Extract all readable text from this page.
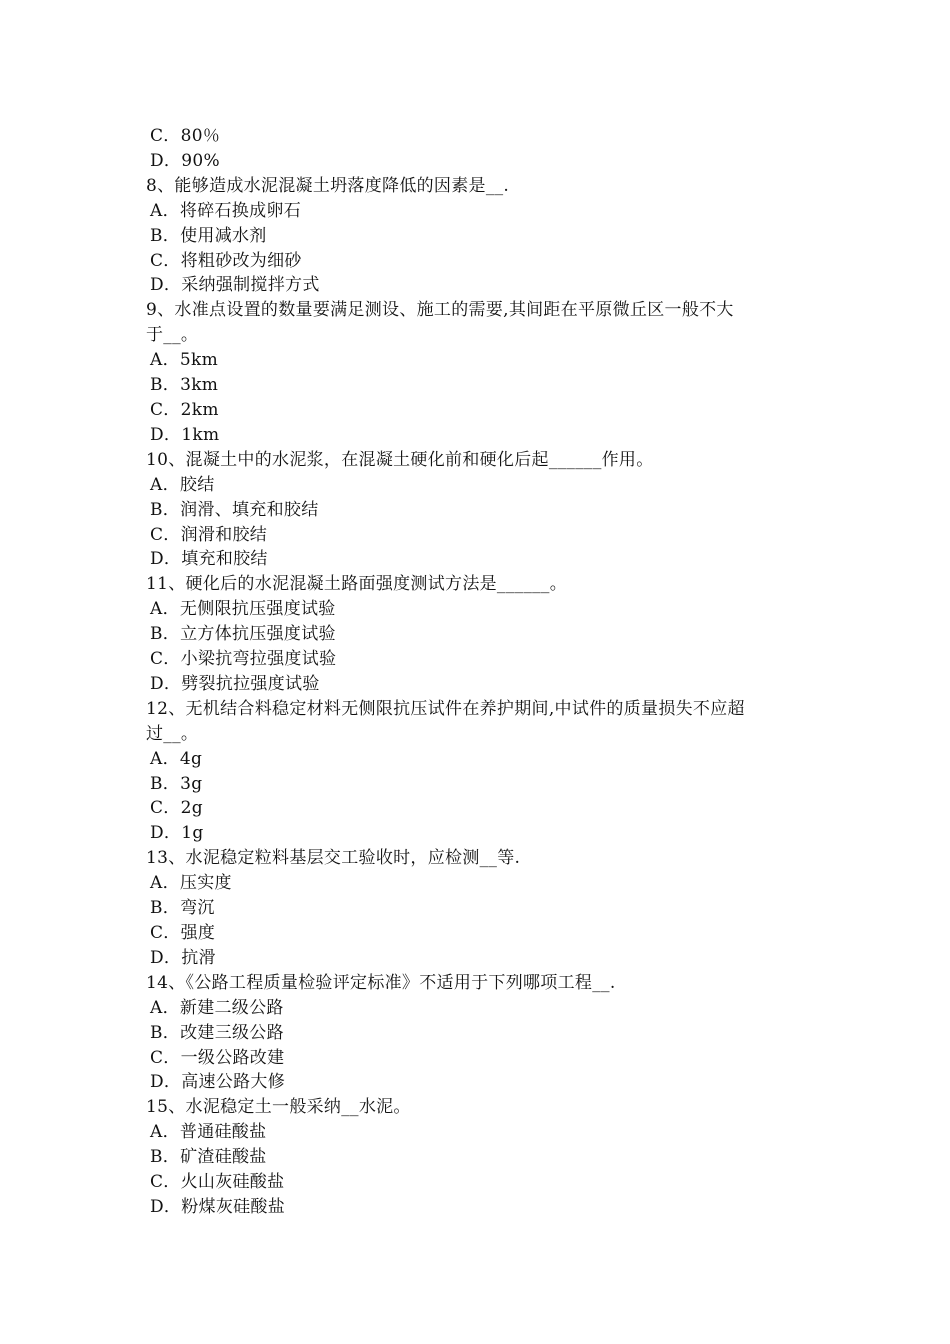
C．80％
D．90%
8、能够造成水泥混凝土坍落度降低的因素是__.
A．将碎石换成卵石
B．使用减水剂
C．将粗砂改为细砂
D．采纳强制搅拌方式
9、水准点设置的数量要满足测设、施工的需要,其间距在平原微丘区一般不大
于__。
A．5km
B．3km
C．2km
D．1km
10、混凝土中的水泥浆，在混凝土硬化前和硬化后起______作用。
A．胶结
B．润滑、填充和胶结
C．润滑和胶结
D．填充和胶结
11、硬化后的水泥混凝土路面强度测试方法是______。
A．无侧限抗压强度试验
B．立方体抗压强度试验
C．小梁抗弯拉强度试验
D．劈裂抗拉强度试验
12、无机结合料稳定材料无侧限抗压试件在养护期间,中试件的质量损失不应超
过__。
A．4g
B．3g
C．2g
D．1g
13、水泥稳定粒料基层交工验收时，应检测__等.
A．压实度
B．弯沉
C．强度
D．抗滑
14、《公路工程质量检验评定标准》不适用于下列哪项工程__.
A．新建二级公路
B．改建三级公路
C．一级公路改建
D．高速公路大修
15、水泥稳定土一般采纳__水泥。
A．普通硅酸盐
B．矿渣硅酸盐
C．火山灰硅酸盐
D．粉煤灰硅酸盐
